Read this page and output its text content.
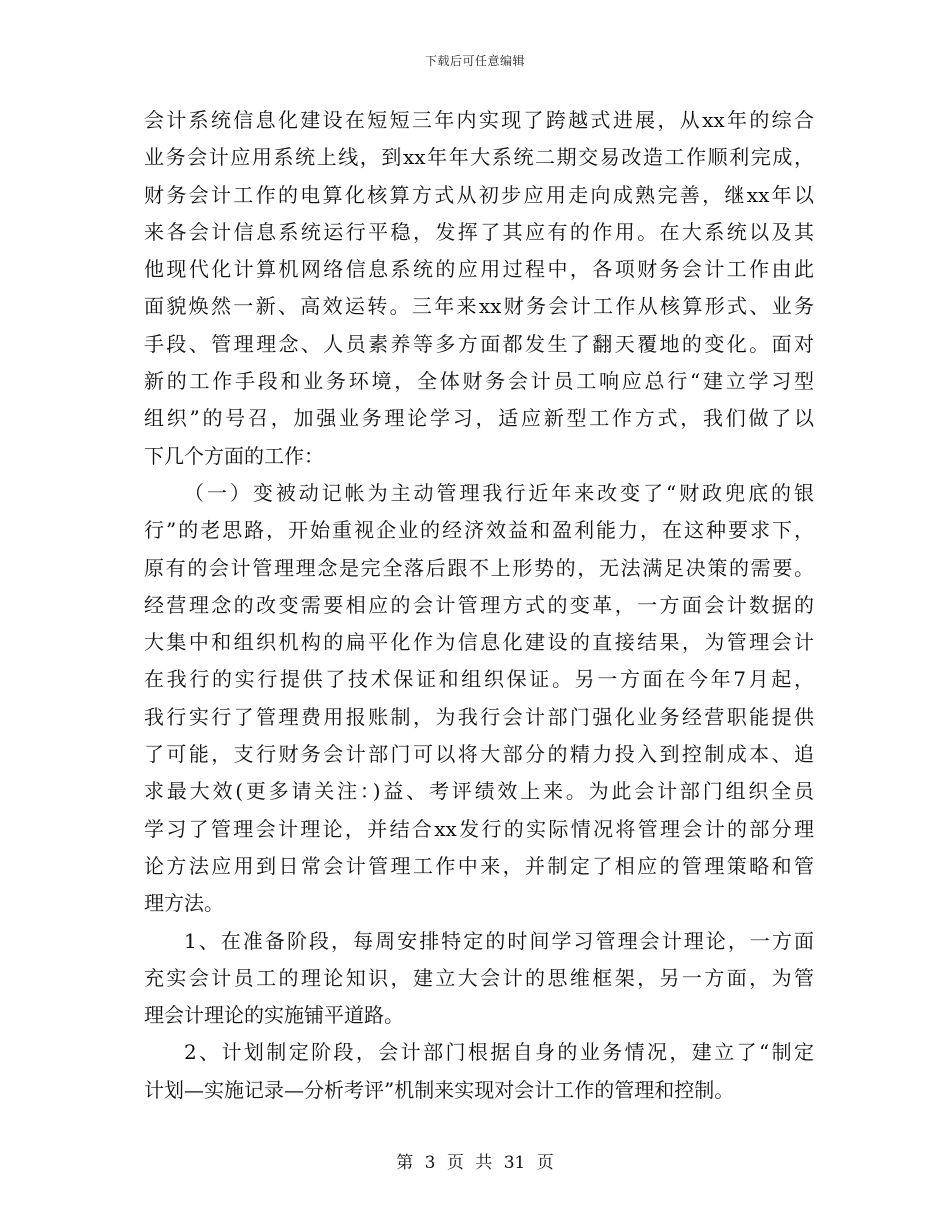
下载后可任意编辑
会计系统信息化建设在短短三年内实现了跨越式进展，从xx年的综合
业务会计应用系统上线，到xx年年大系统二期交易改造工作顺利完成，
财务会计工作的电算化核算方式从初步应用走向成熟完善，继xx年以
来各会计信息系统运行平稳，发挥了其应有的作用。在大系统以及其
他现代化计算机网络信息系统的应用过程中，各项财务会计工作由此
面貌焕然一新、高效运转。三年来xx财务会计工作从核算形式、业务
手段、管理理念、人员素养等多方面都发生了翻天覆地的变化。面对
新的工作手段和业务环境，全体财务会计员工响应总行“建立学习型
组织”的号召，加强业务理论学习，适应新型工作方式，我们做了以
下几个方面的工作：
（一）变被动记帐为主动管理我行近年来改变了“财政兜底的银
行”的老思路，开始重视企业的经济效益和盈利能力，在这种要求下，
原有的会计管理理念是完全落后跟不上形势的，无法满足决策的需要。
经营理念的改变需要相应的会计管理方式的变革，一方面会计数据的
大集中和组织机构的扁平化作为信息化建设的直接结果，为管理会计
在我行的实行提供了技术保证和组织保证。另一方面在今年7月起，
我行实行了管理费用报账制，为我行会计部门强化业务经营职能提供
了可能，支行财务会计部门可以将大部分的精力投入到控制成本、追
求最大效(更多请关注：)益、考评绩效上来。为此会计部门组织全员
学习了管理会计理论，并结合xx发行的实际情况将管理会计的部分理
论方法应用到日常会计管理工作中来，并制定了相应的管理策略和管
理方法。
1、在准备阶段，每周安排特定的时间学习管理会计理论，一方面
充实会计员工的理论知识，建立大会计的思维框架，另一方面，为管
理会计理论的实施铺平道路。
2、计划制定阶段，会计部门根据自身的业务情况，建立了“制定
计划—实施记录—分析考评”机制来实现对会计工作的管理和控制。
第 3 页 共 31 页
